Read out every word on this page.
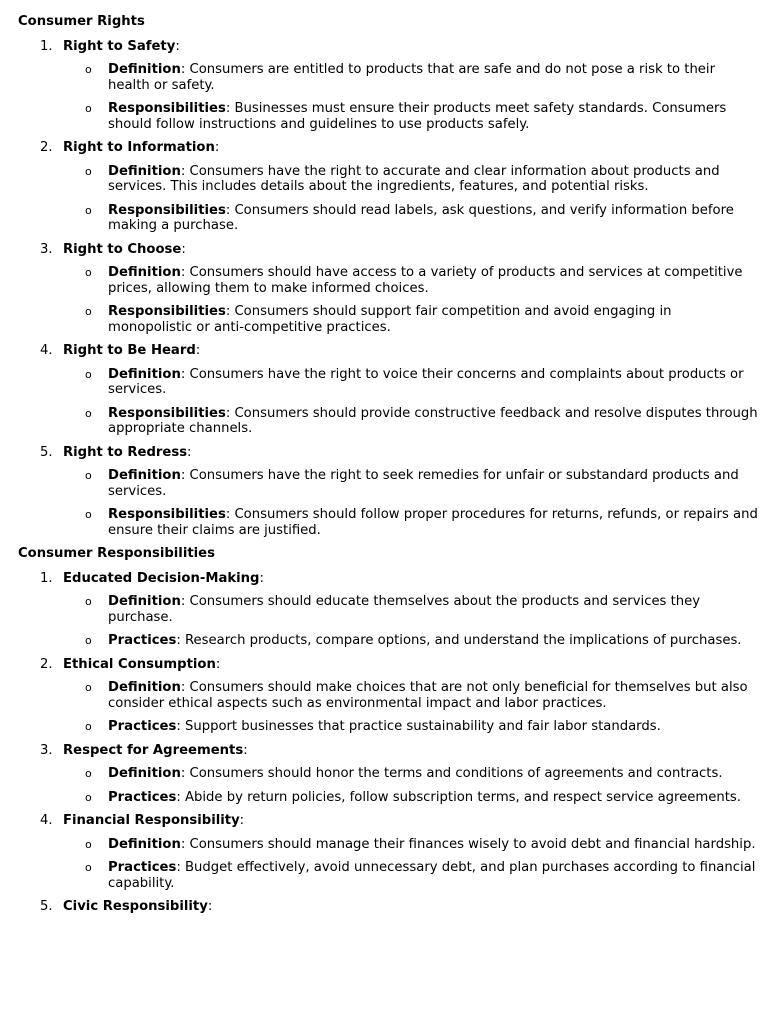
Consumer Rights
1. Right to Safety:
o Definition: Consumers are entitled to products that are safe and do not pose a risk to their health or safety.
o Responsibilities: Businesses must ensure their products meet safety standards. Consumers should follow instructions and guidelines to use products safely.
2. Right to Information:
o Definition: Consumers have the right to accurate and clear information about products and services. This includes details about the ingredients, features, and potential risks.
o Responsibilities: Consumers should read labels, ask questions, and verify information before making a purchase.
3. Right to Choose:
o Definition: Consumers should have access to a variety of products and services at competitive prices, allowing them to make informed choices.
o Responsibilities: Consumers should support fair competition and avoid engaging in monopolistic or anti-competitive practices.
4. Right to Be Heard:
o Definition: Consumers have the right to voice their concerns and complaints about products or services.
o Responsibilities: Consumers should provide constructive feedback and resolve disputes through appropriate channels.
5. Right to Redress:
o Definition: Consumers have the right to seek remedies for unfair or substandard products and services.
o Responsibilities: Consumers should follow proper procedures for returns, refunds, or repairs and ensure their claims are justified.
Consumer Responsibilities
1. Educated Decision-Making:
o Definition: Consumers should educate themselves about the products and services they purchase.
o Practices: Research products, compare options, and understand the implications of purchases.
2. Ethical Consumption:
o Definition: Consumers should make choices that are not only beneficial for themselves but also consider ethical aspects such as environmental impact and labor practices.
o Practices: Support businesses that practice sustainability and fair labor standards.
3. Respect for Agreements:
o Definition: Consumers should honor the terms and conditions of agreements and contracts.
o Practices: Abide by return policies, follow subscription terms, and respect service agreements.
4. Financial Responsibility:
o Definition: Consumers should manage their finances wisely to avoid debt and financial hardship.
o Practices: Budget effectively, avoid unnecessary debt, and plan purchases according to financial capability.
5. Civic Responsibility:
